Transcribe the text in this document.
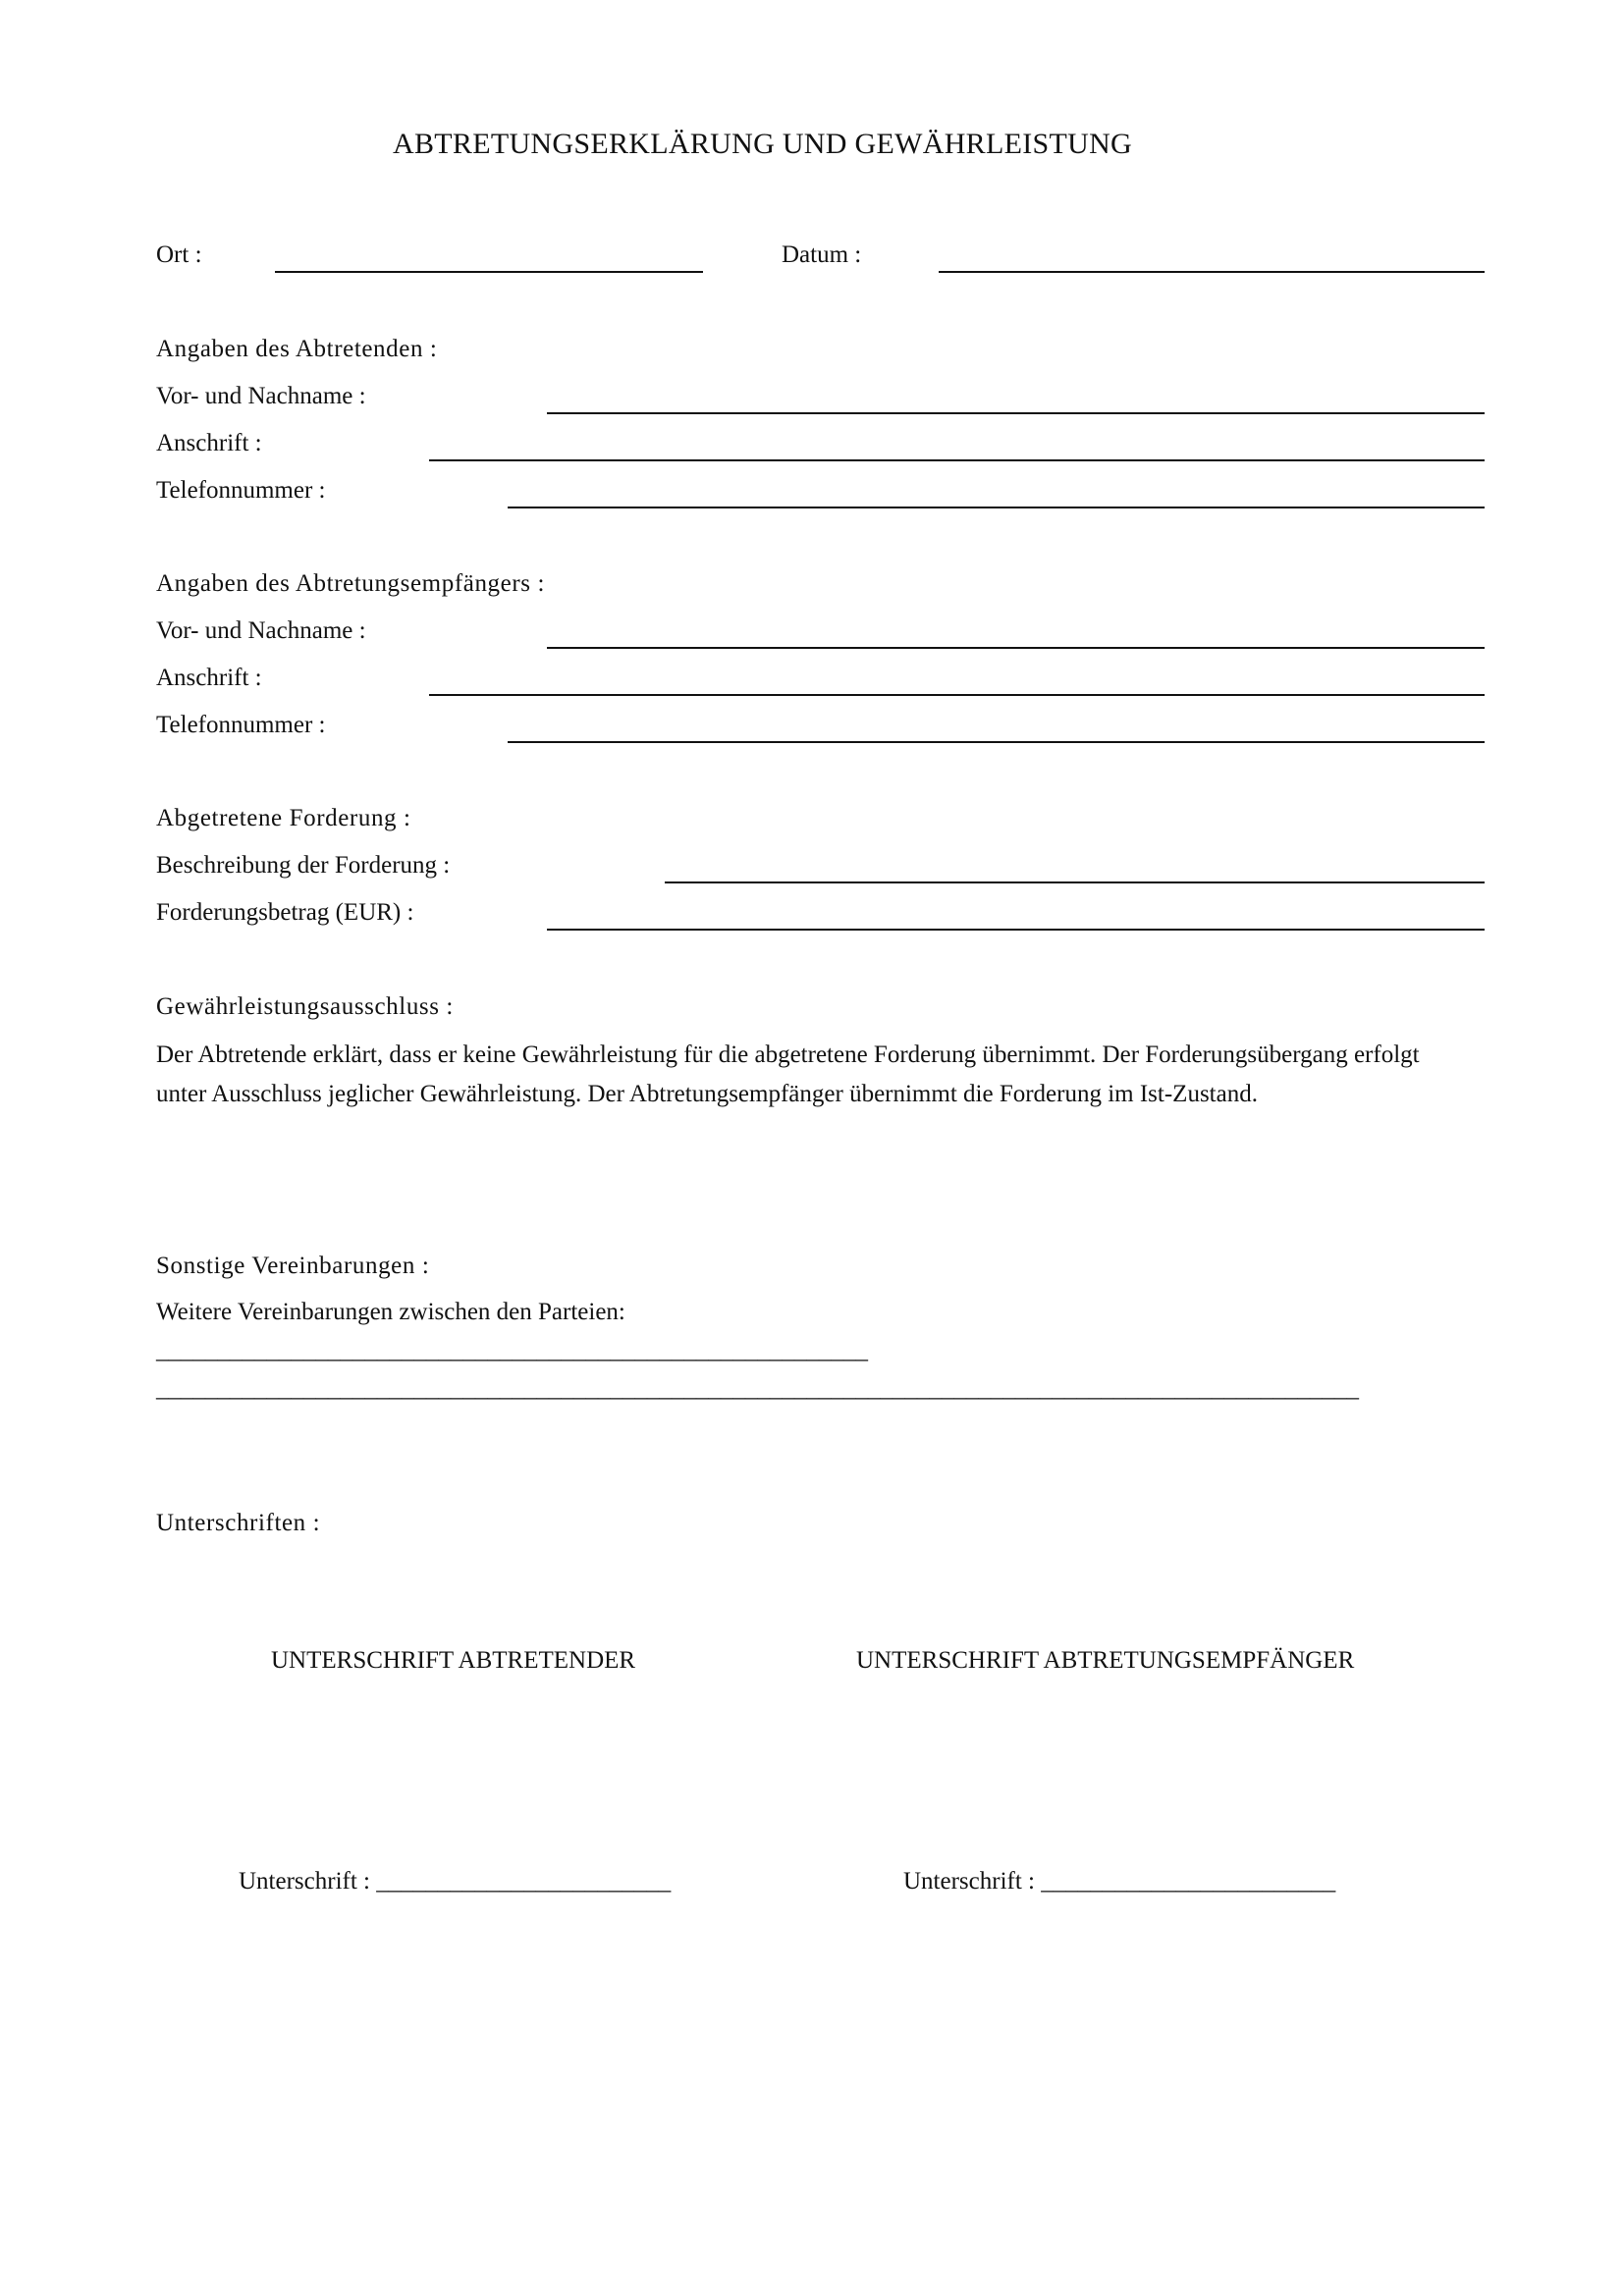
ABTRETUNGSERKLÄRUNG UND GEWÄHRLEISTUNG
Ort :	Datum :
Angaben des Abtretenden :
Vor- und Nachname :
Anschrift :
Telefonnummer :
Angaben des Abtretungsempfängers :
Vor- und Nachname :
Anschrift :
Telefonnummer :
Abgetretene Forderung :
Beschreibung der Forderung :
Forderungsbetrag (EUR) :
Gewährleistungsausschluss :
Der Abtretende erklärt, dass er keine Gewährleistung für die abgetretene Forderung übernimmt. Der Forderungsübergang erfolgt unter Ausschluss jeglicher Gewährleistung. Der Abtretungsempfänger übernimmt die Forderung im Ist-Zustand.
Sonstige Vereinbarungen :
Weitere Vereinbarungen zwischen den Parteien:
__________________________________________________________
__________________________________________________________________________________________________
Unterschriften :
UNTERSCHRIFT ABTRETENDER	UNTERSCHRIFT ABTRETUNGSEMPFÄNGER
Unterschrift : ________________________	Unterschrift : ________________________
